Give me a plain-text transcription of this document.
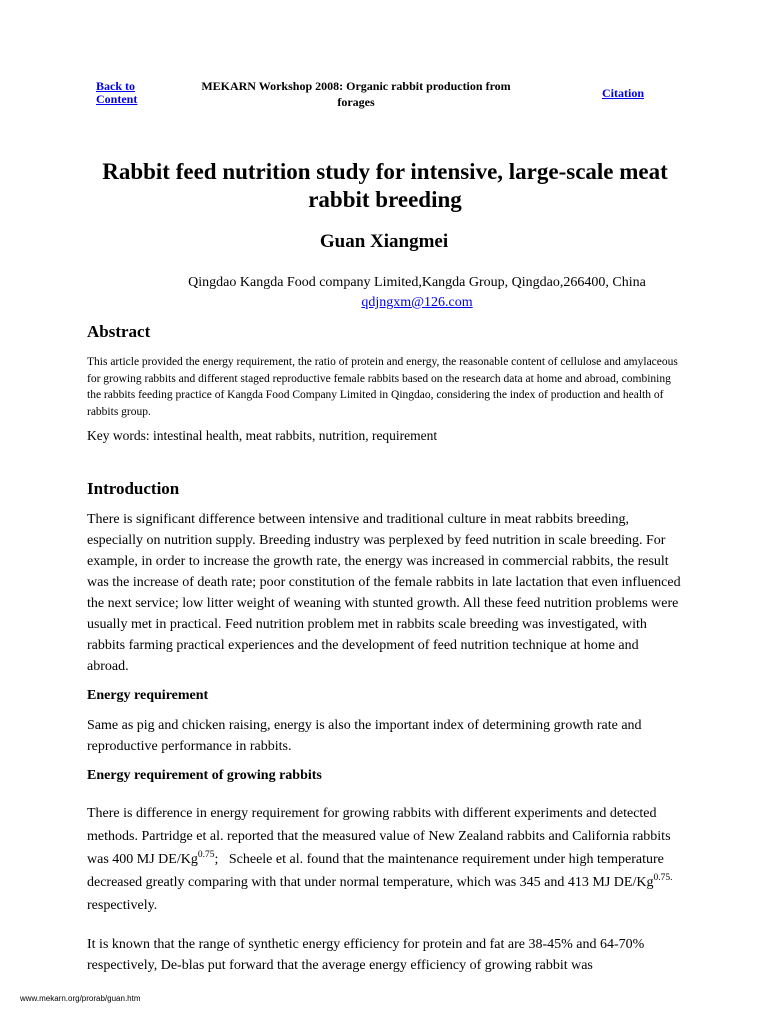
Back to
Content
MEKARN Workshop 2008: Organic rabbit production from
forages
Citation
Rabbit feed nutrition study for intensive, large-scale meat
rabbit breeding
Guan Xiangmei
Qingdao Kangda Food company Limited,Kangda Group, Qingdao,266400, China
qdjngxm@126.com
Abstract

This article provided the energy requirement, the ratio of protein and energy, the reasonable content of cellulose and amylaceous for growing rabbits and different staged reproductive female rabbits based on the research data at home and abroad, combining the rabbits feeding practice of Kangda Food Company Limited in Qingdao, considering the index of production and health of rabbits group.

Key words: intestinal health, meat rabbits, nutrition, requirement

Introduction

There is significant difference between intensive and traditional culture in meat rabbits breeding, especially on nutrition supply. Breeding industry was perplexed by feed nutrition in scale breeding. For example, in order to increase the growth rate, the energy was increased in commercial rabbits, the result was the increase of death rate; poor constitution of the female rabbits in late lactation that even influenced the next service; low litter weight of weaning with stunted growth. All these feed nutrition problems were usually met in practical. Feed nutrition problem met in rabbits scale breeding was investigated, with rabbits farming practical experiences and the development of feed nutrition technique at home and abroad.

Energy requirement

Same as pig and chicken raising, energy is also the important index of determining growth rate and reproductive performance in rabbits.

Energy requirement of growing rabbits

There is difference in energy requirement for growing rabbits with different experiments and detected methods. Partridge et al. reported that the measured value of New Zealand rabbits and California rabbits was 400 MJ $DE/Kg^{0.75}$;   Scheele et al. found that the maintenance requirement under high temperature decreased greatly comparing with that under normal temperature, which was 345 and 413 MJ $DE/Kg^{0.75.}$ respectively.

It is known that the range of synthetic energy efficiency for protein and fat are 38-45% and 64-70% respectively, De-blas put forward that the average energy efficiency of growing rabbit was

www.mekarn.org/prorab/guan.htm
